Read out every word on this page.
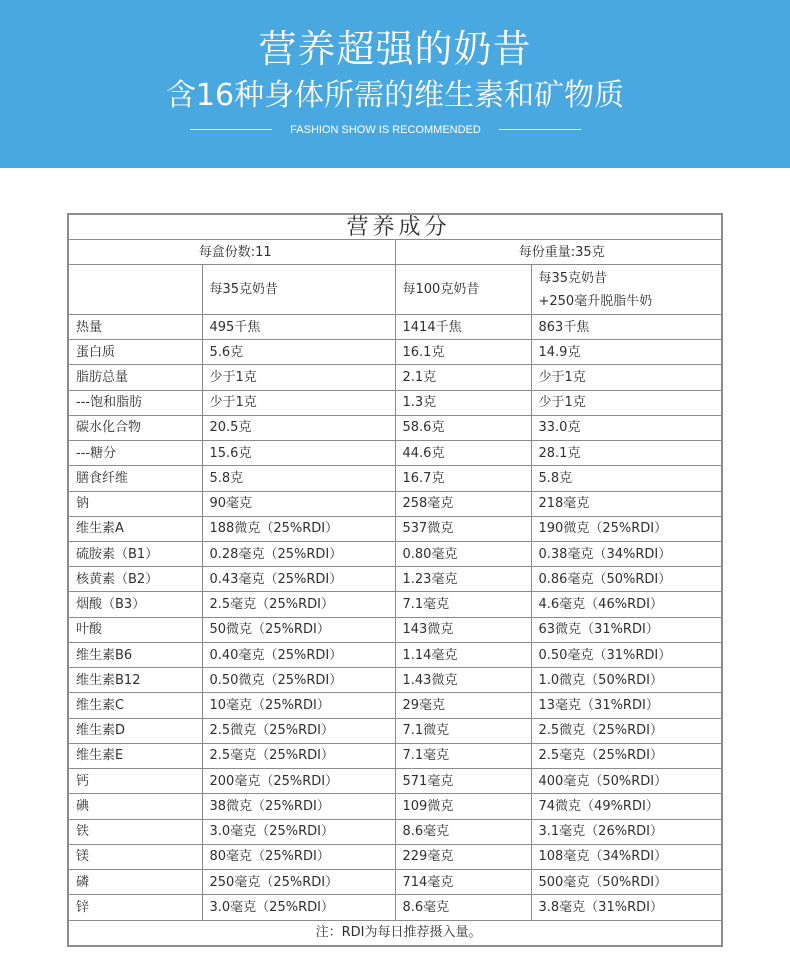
营养超强的奶昔
含16种身体所需的维生素和矿物质
FASHION SHOW IS RECOMMENDED
营养成分			
每盒份数:11		每份重量:35克	
	每35克奶昔	每100克奶昔	每35克奶昔
+250毫升脱脂牛奶

热量	495千焦	1414千焦	863千焦
蛋白质	5.6克	16.1克	14.9克
脂肪总量	少于1克	2.1克	少于1克
---饱和脂肪	少于1克	1.3克	少于1克
碳水化合物	20.5克	58.6克	33.0克
---糖分	15.6克	44.6克	28.1克
膳食纤维	5.8克	16.7克	5.8克
钠	90毫克	258毫克	218毫克
维生素A	188微克（25%RDI）	537微克	190微克（25%RDI）
硫胺素（B1）	0.28毫克（25%RDI）	0.80毫克	0.38毫克（34%RDI）
核黄素（B2）	0.43毫克（25%RDI）	1.23毫克	0.86毫克（50%RDI）
烟酸（B3）	2.5毫克（25%RDI）	7.1毫克	4.6毫克（46%RDI）
叶酸	50微克（25%RDI）	143微克	63微克（31%RDI）
维生素B6	0.40毫克（25%RDI）	1.14毫克	0.50毫克（31%RDI）
维生素B12	0.50微克（25%RDI）	1.43微克	1.0微克（50%RDI）
维生素C	10毫克（25%RDI）	29毫克	13毫克（31%RDI）
维生素D	2.5微克（25%RDI）	7.1微克	2.5微克（25%RDI）
维生素E	2.5毫克（25%RDI）	7.1毫克	2.5毫克（25%RDI）
钙	200毫克（25%RDI）	571毫克	400毫克（50%RDI）
碘	38微克（25%RDI）	109微克	74微克（49%RDI）
铁	3.0毫克（25%RDI）	8.6毫克	3.1毫克（26%RDI）
镁	80毫克（25%RDI）	229毫克	108毫克（34%RDI）
磷	250毫克（25%RDI）	714毫克	500毫克（50%RDI）
锌	3.0毫克（25%RDI）	8.6毫克	3.8毫克（31%RDI）
注：RDI为每日推荐摄入量。			
